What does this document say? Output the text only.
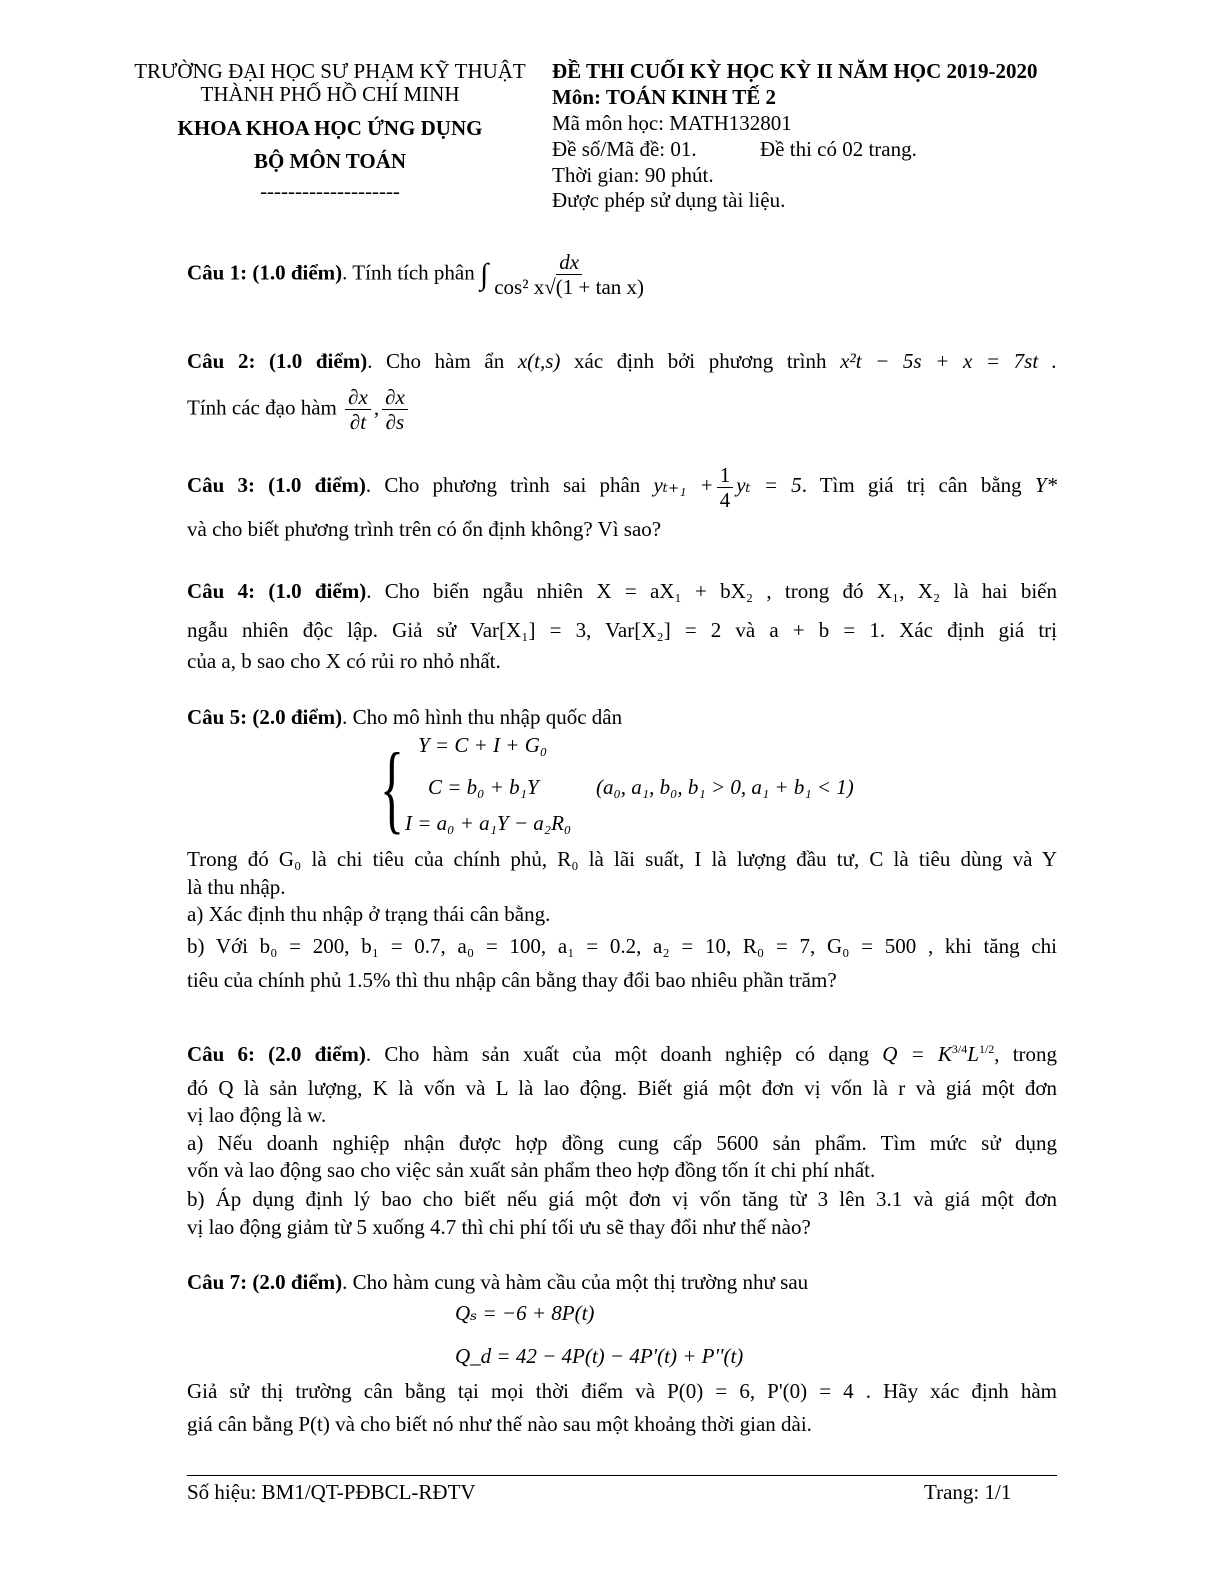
TRƯỜNG ĐẠI HỌC SƯ PHẠM KỸ THUẬT
THÀNH PHỐ HỒ CHÍ MINH
KHOA KHOA HỌC ỨNG DỤNG
BỘ MÔN TOÁN
--------------------
ĐỀ THI CUỐI KỲ HỌC KỲ II NĂM HỌC 2019-2020
Môn: TOÁN KINH TẾ 2
Mã môn học: MATH132801
Đề số/Mã đề: 01.	Đề thi có 02 trang.
Thời gian: 90 phút.
Được phép sử dụng tài liệu.
Câu 1: (1.0 điểm). Tính tích phân ∫ $\frac{dx}{\text{cos² x√(1 + tan x)}}$
Câu 2: (1.0 điểm). Cho hàm ẩn x(t,s) xác định bởi phương trình x²t − 5s + x = 7st .
Tính các đạo hàm $\frac{\partial x}{\partial t}$ , $\frac{\partial x}{\partial s}$
Câu 3: (1.0 điểm). Cho phương trình sai phân $y_{t+1} + \frac{1}{4}$ yₜ = 5. Tìm giá trị cân bằng Y*
và cho biết phương trình trên có ổn định không? Vì sao?
Câu 4: (1.0 điểm). Cho biến ngẫu nhiên X = aX₁ + bX₂ , trong đó X₁, X₂ là hai biến
ngẫu nhiên độc lập. Giả sử Var[X₁] = 3, Var[X₂] = 2 và a + b = 1. Xác định giá trị
của a, b sao cho X có rủi ro nhỏ nhất.
Câu 5: (2.0 điểm). Cho mô hình thu nhập quốc dân
{ Y = C + I + G₀
C = b₀ + b₁Y	(a₀, a₁, b₀, b₁ > 0, a₁ + b₁ < 1)
I = a₀ + a₁Y − a₂R₀
Trong đó G₀ là chi tiêu của chính phủ, R₀ là lãi suất, I là lượng đầu tư, C là tiêu dùng và Y
là thu nhập.
a) Xác định thu nhập ở trạng thái cân bằng.
b) Với b₀ = 200, b₁ = 0.7, a₀ = 100, a₁ = 0.2, a₂ = 10, R₀ = 7, G₀ = 500 , khi tăng chi
tiêu của chính phủ 1.5% thì thu nhập cân bằng thay đổi bao nhiêu phần trăm?
Câu 6: (2.0 điểm). Cho hàm sản xuất của một doanh nghiệp có dạng $Q = K^{3/4}L^{1/2}$, trong
đó Q là sản lượng, K là vốn và L là lao động. Biết giá một đơn vị vốn là r và giá một đơn
vị lao động là w.
a) Nếu doanh nghiệp nhận được hợp đồng cung cấp 5600 sản phẩm. Tìm mức sử dụng
vốn và lao động sao cho việc sản xuất sản phẩm theo hợp đồng tốn ít chi phí nhất.
b) Áp dụng định lý bao cho biết nếu giá một đơn vị vốn tăng từ 3 lên 3.1 và giá một đơn
vị lao động giảm từ 5 xuống 4.7 thì chi phí tối ưu sẽ thay đổi như thế nào?
Câu 7: (2.0 điểm). Cho hàm cung và hàm cầu của một thị trường như sau
Qₛ = −6 + 8P(t)
Q_d = 42 − 4P(t) − 4P'(t) + P''(t)
Giả sử thị trường cân bằng tại mọi thời điểm và P(0) = 6, P'(0) = 4 . Hãy xác định hàm
giá cân bằng P(t) và cho biết nó như thế nào sau một khoảng thời gian dài.
Số hiệu: BM1/QT-PĐBCL-RĐTV	Trang: 1/1
